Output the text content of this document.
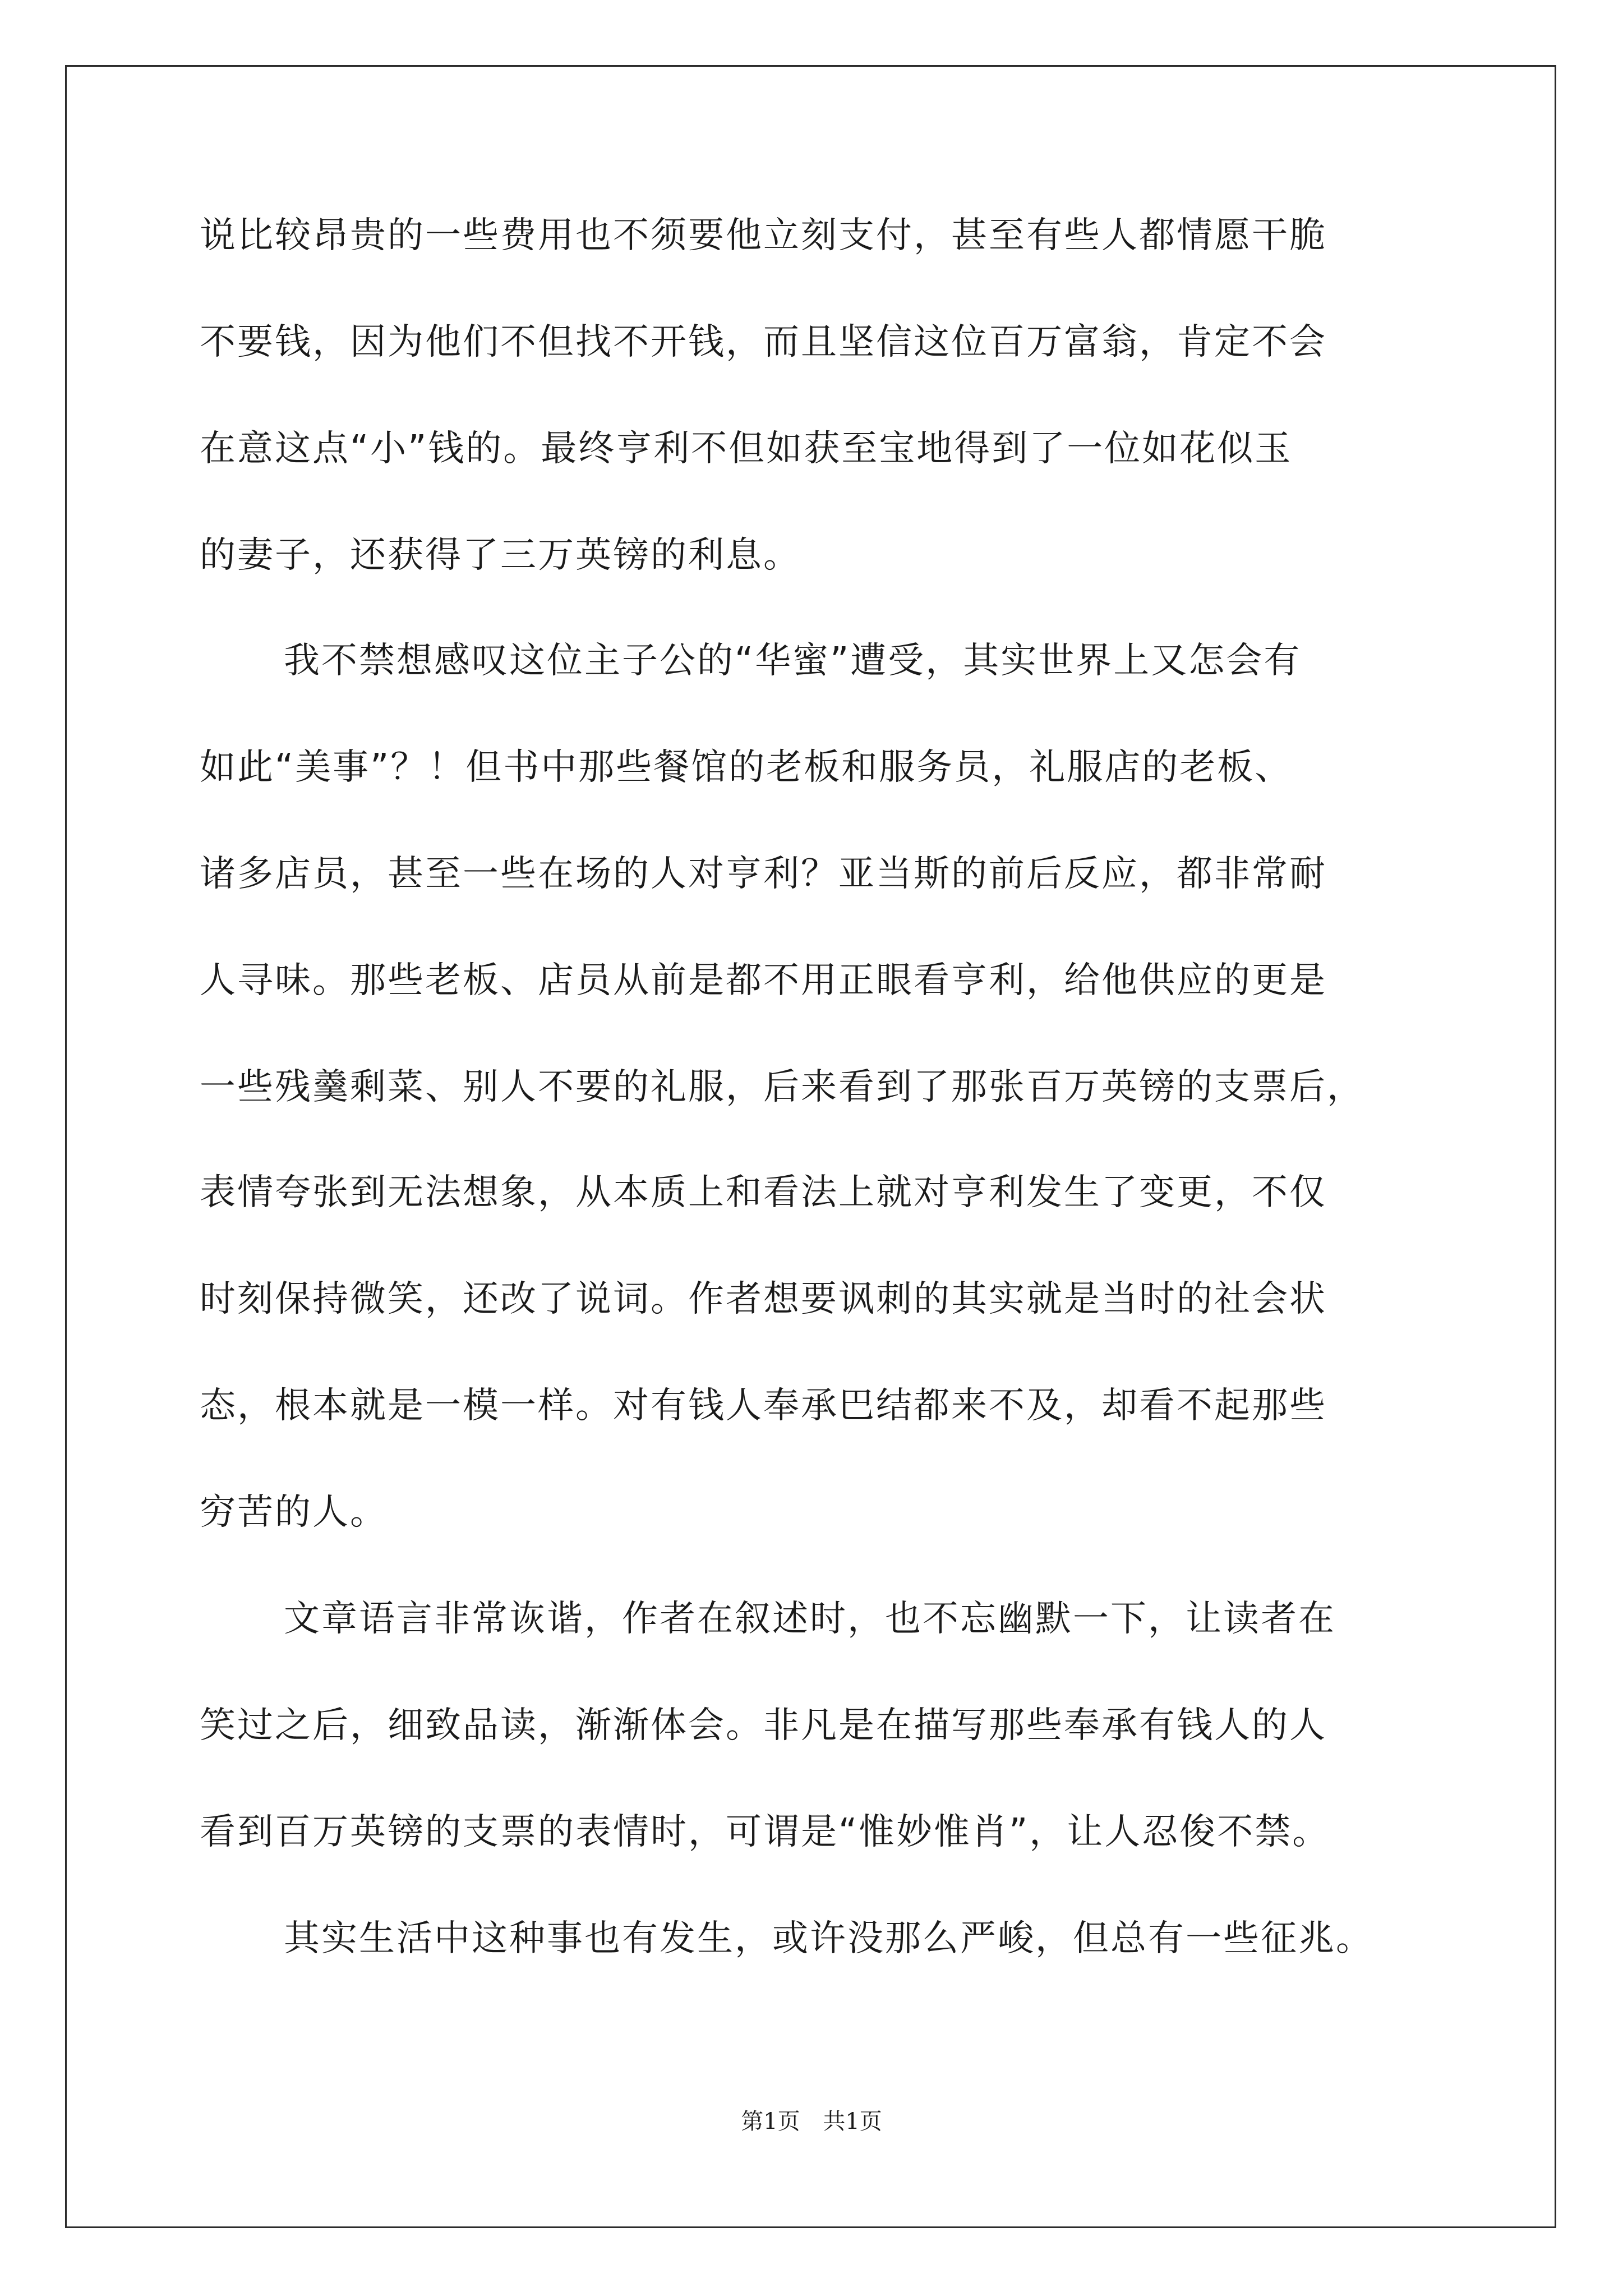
说比较昂贵的一些费用也不须要他立刻支付，甚至有些人都情愿干脆
不要钱，因为他们不但找不开钱，而且坚信这位百万富翁，肯定不会
在意这点“小”钱的。最终亨利不但如获至宝地得到了一位如花似玉
的妻子，还获得了三万英镑的利息。
我不禁想感叹这位主子公的“华蜜”遭受，其实世界上又怎会有
如此“美事”？！但书中那些餐馆的老板和服务员，礼服店的老板、
诸多店员，甚至一些在场的人对亨利？亚当斯的前后反应，都非常耐
人寻味。那些老板、店员从前是都不用正眼看亨利，给他供应的更是
一些残羹剩菜、别人不要的礼服，后来看到了那张百万英镑的支票后，
表情夸张到无法想象，从本质上和看法上就对亨利发生了变更，不仅
时刻保持微笑，还改了说词。作者想要讽刺的其实就是当时的社会状
态，根本就是一模一样。对有钱人奉承巴结都来不及，却看不起那些
穷苦的人。
文章语言非常诙谐，作者在叙述时，也不忘幽默一下，让读者在
笑过之后，细致品读，渐渐体会。非凡是在描写那些奉承有钱人的人
看到百万英镑的支票的表情时，可谓是“惟妙惟肖”，让人忍俊不禁。
其实生活中这种事也有发生，或许没那么严峻，但总有一些征兆。
第1页 共1页
